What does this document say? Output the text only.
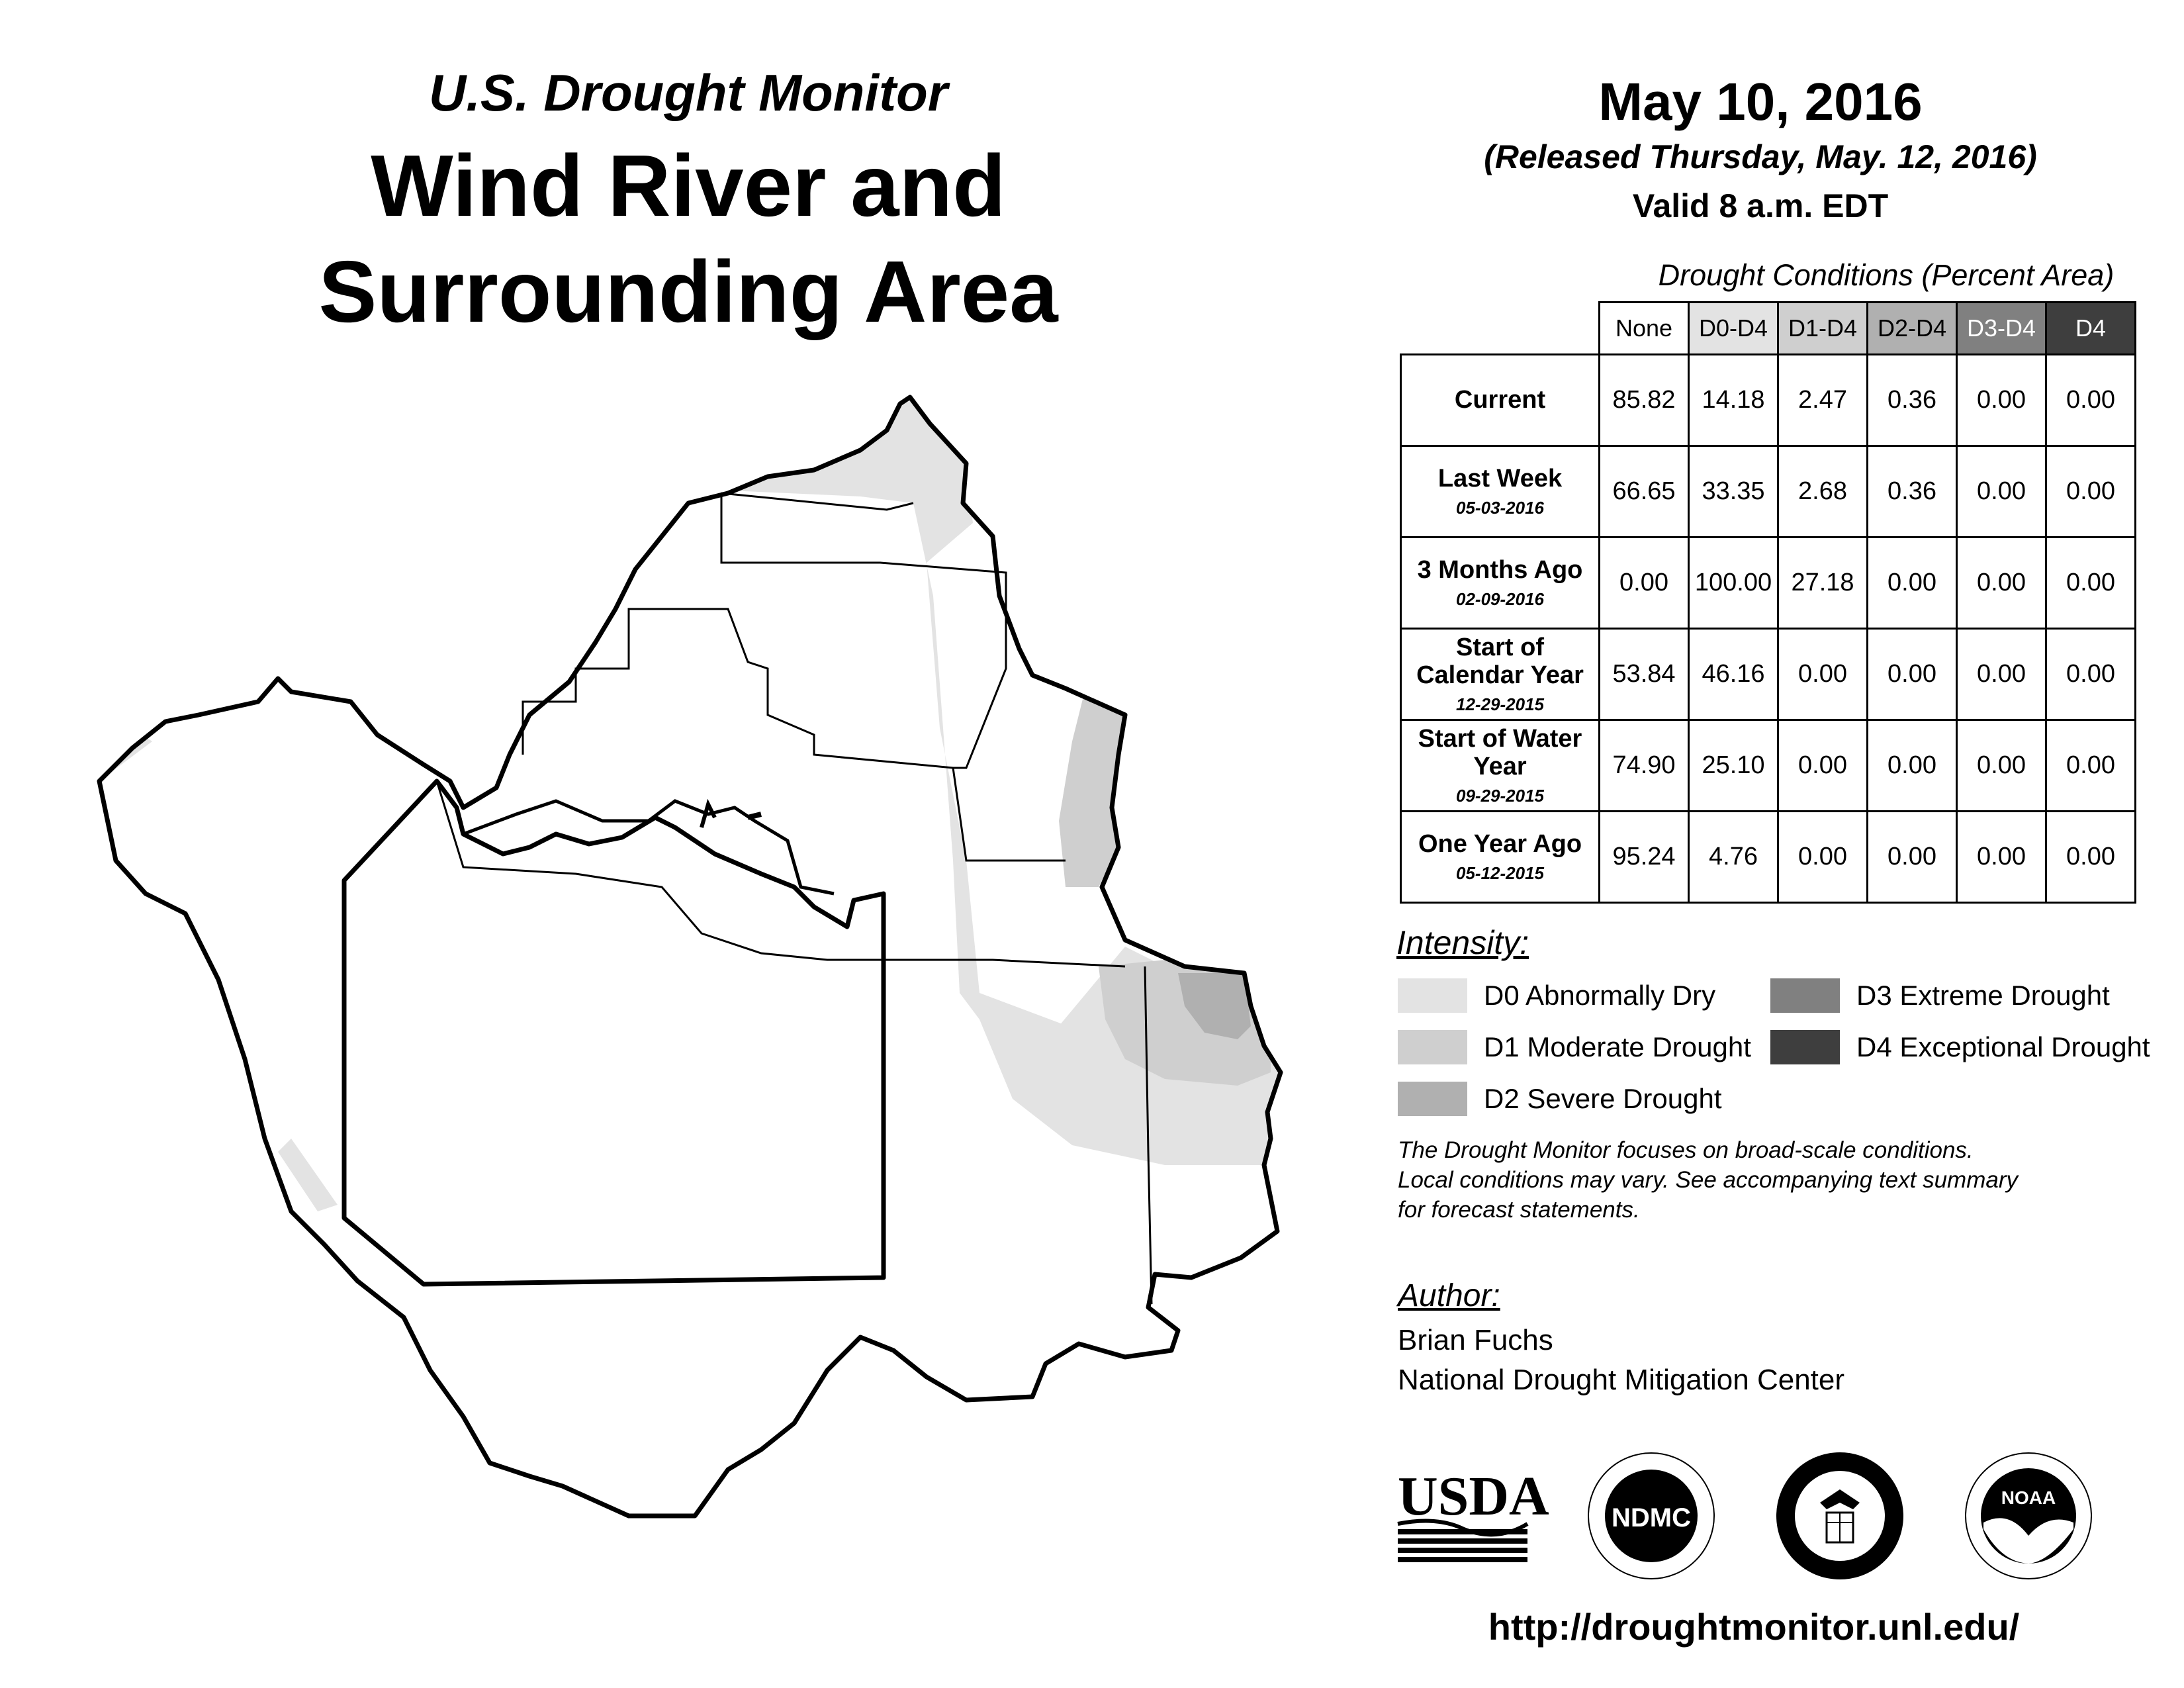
U.S. Drought Monitor
Wind River and
Surrounding Area
May 10, 2016
(Released Thursday, May. 12, 2016)
Valid 8 a.m. EDT
Drought Conditions (Percent Area)
	None	D0-D4	D1-D4	D2-D4	D3-D4	D4
Current	85.82	14.18	2.47	0.36	0.00	0.00
Last Week
05-03-2016	66.65	33.35	2.68	0.36	0.00	0.00
3 Months Ago
02-09-2016	0.00	100.00	27.18	0.00	0.00	0.00
Start of Calendar Year
12-29-2015	53.84	46.16	0.00	0.00	0.00	0.00
Start of Water Year
09-29-2015	74.90	25.10	0.00	0.00	0.00	0.00
One Year Ago
05-12-2015	95.24	4.76	0.00	0.00	0.00	0.00
Intensity:
D0 Abnormally Dry
D1 Moderate Drought
D2 Severe Drought
D3 Extreme Drought
D4 Exceptional Drought
The Drought Monitor focuses on broad-scale conditions.
Local conditions may vary. See accompanying text summary
for forecast statements.
Author:
Brian Fuchs
National Drought Mitigation Center
USDA NDMC
NOAA
http://droughtmonitor.unl.edu/
